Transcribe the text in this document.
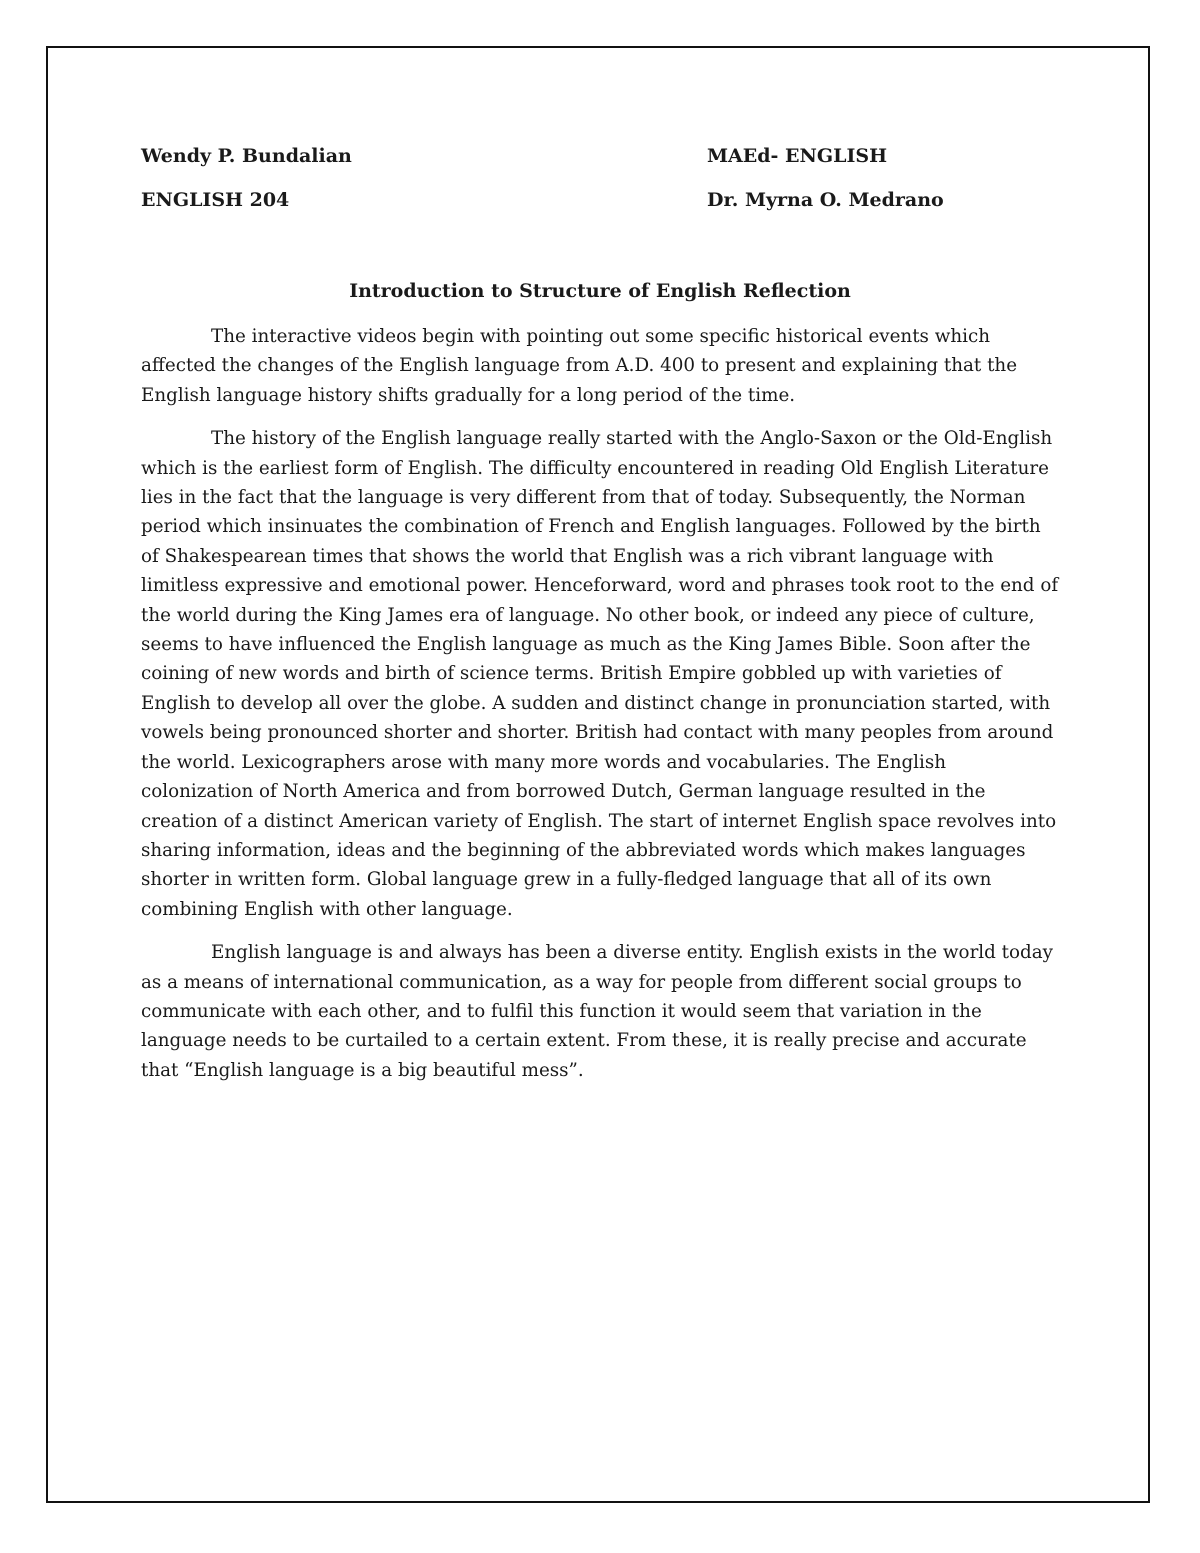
Wendy P. Bundalian	MAEd- ENGLISH
ENGLISH 204	Dr. Myrna O. Medrano
Introduction to Structure of English Reflection

The interactive videos begin with pointing out some specific historical events which affected the changes of the English language from A.D. 400 to present and explaining that the English language history shifts gradually for a long period of the time.

The history of the English language really started with the Anglo-Saxon or the Old-English which is the earliest form of English. The difficulty encountered in reading Old English Literature lies in the fact that the language is very different from that of today. Subsequently, the Norman period which insinuates the combination of French and English languages. Followed by the birth of Shakespearean times that shows the world that English was a rich vibrant language with limitless expressive and emotional power. Henceforward, word and phrases took root to the end of the world during the King James era of language. No other book, or indeed any piece of culture, seems to have influenced the English language as much as the King James Bible. Soon after the coining of new words and birth of science terms. British Empire gobbled up with varieties of English to develop all over the globe. A sudden and distinct change in pronunciation started, with vowels being pronounced shorter and shorter. British had contact with many peoples from around the world. Lexicographers arose with many more words and vocabularies. The English colonization of North America and from borrowed Dutch, German language resulted in the creation of a distinct American variety of English. The start of internet English space revolves into sharing information, ideas and the beginning of the abbreviated words which makes languages shorter in written form. Global language grew in a fully-fledged language that all of its own combining English with other language.

English language is and always has been a diverse entity. English exists in the world today as a means of international communication, as a way for people from different social groups to communicate with each other, and to fulfil this function it would seem that variation in the language needs to be curtailed to a certain extent. From these, it is really precise and accurate that “English language is a big beautiful mess”.
